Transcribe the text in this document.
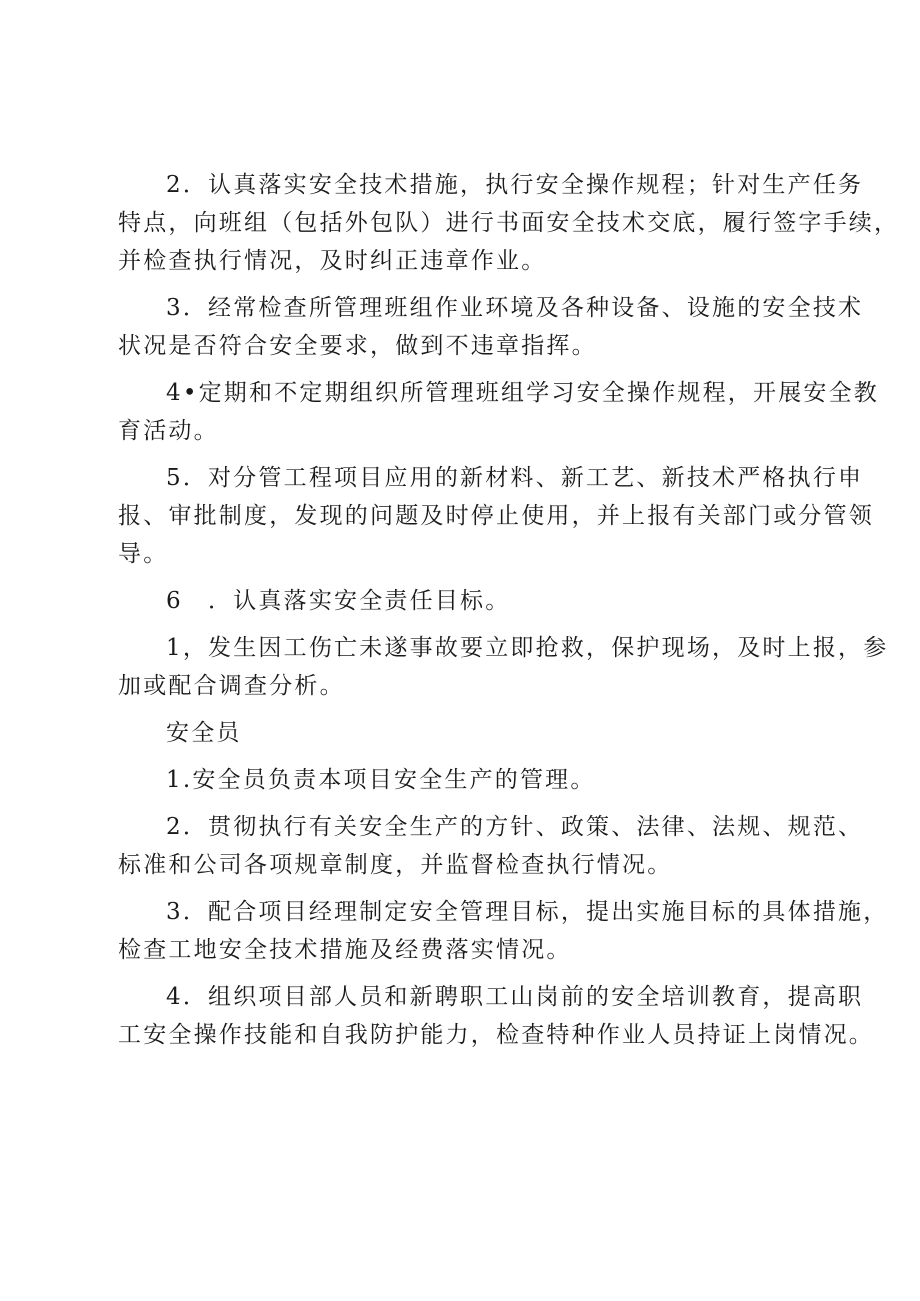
2．认真落实安全技术措施，执行安全操作规程；针对生产任务
特点，向班组（包括外包队）进行书面安全技术交底，履行签字手续，
并检查执行情况，及时纠正违章作业。

3．经常检查所管理班组作业环境及各种设备、设施的安全技术
状况是否符合安全要求，做到不违章指挥。

4•定期和不定期组织所管理班组学习安全操作规程，开展安全教
育活动。

5．对分管工程项目应用的新材料、新工艺、新技术严格执行申
报、审批制度，发现的问题及时停止使用，并上报有关部门或分管领
导。

6　．认真落实安全责任目标。

1，发生因工伤亡未遂事故要立即抢救，保护现场，及时上报，参
加或配合调查分析。

安全员

1.安全员负责本项目安全生产的管理。

2．贯彻执行有关安全生产的方针、政策、法律、法规、规范、
标准和公司各项规章制度，并监督检查执行情况。

3．配合项目经理制定安全管理目标，提出实施目标的具体措施，
检查工地安全技术措施及经费落实情况。

4．组织项目部人员和新聘职工山岗前的安全培训教育，提高职
工安全操作技能和自我防护能力，检查特种作业人员持证上岗情况。
